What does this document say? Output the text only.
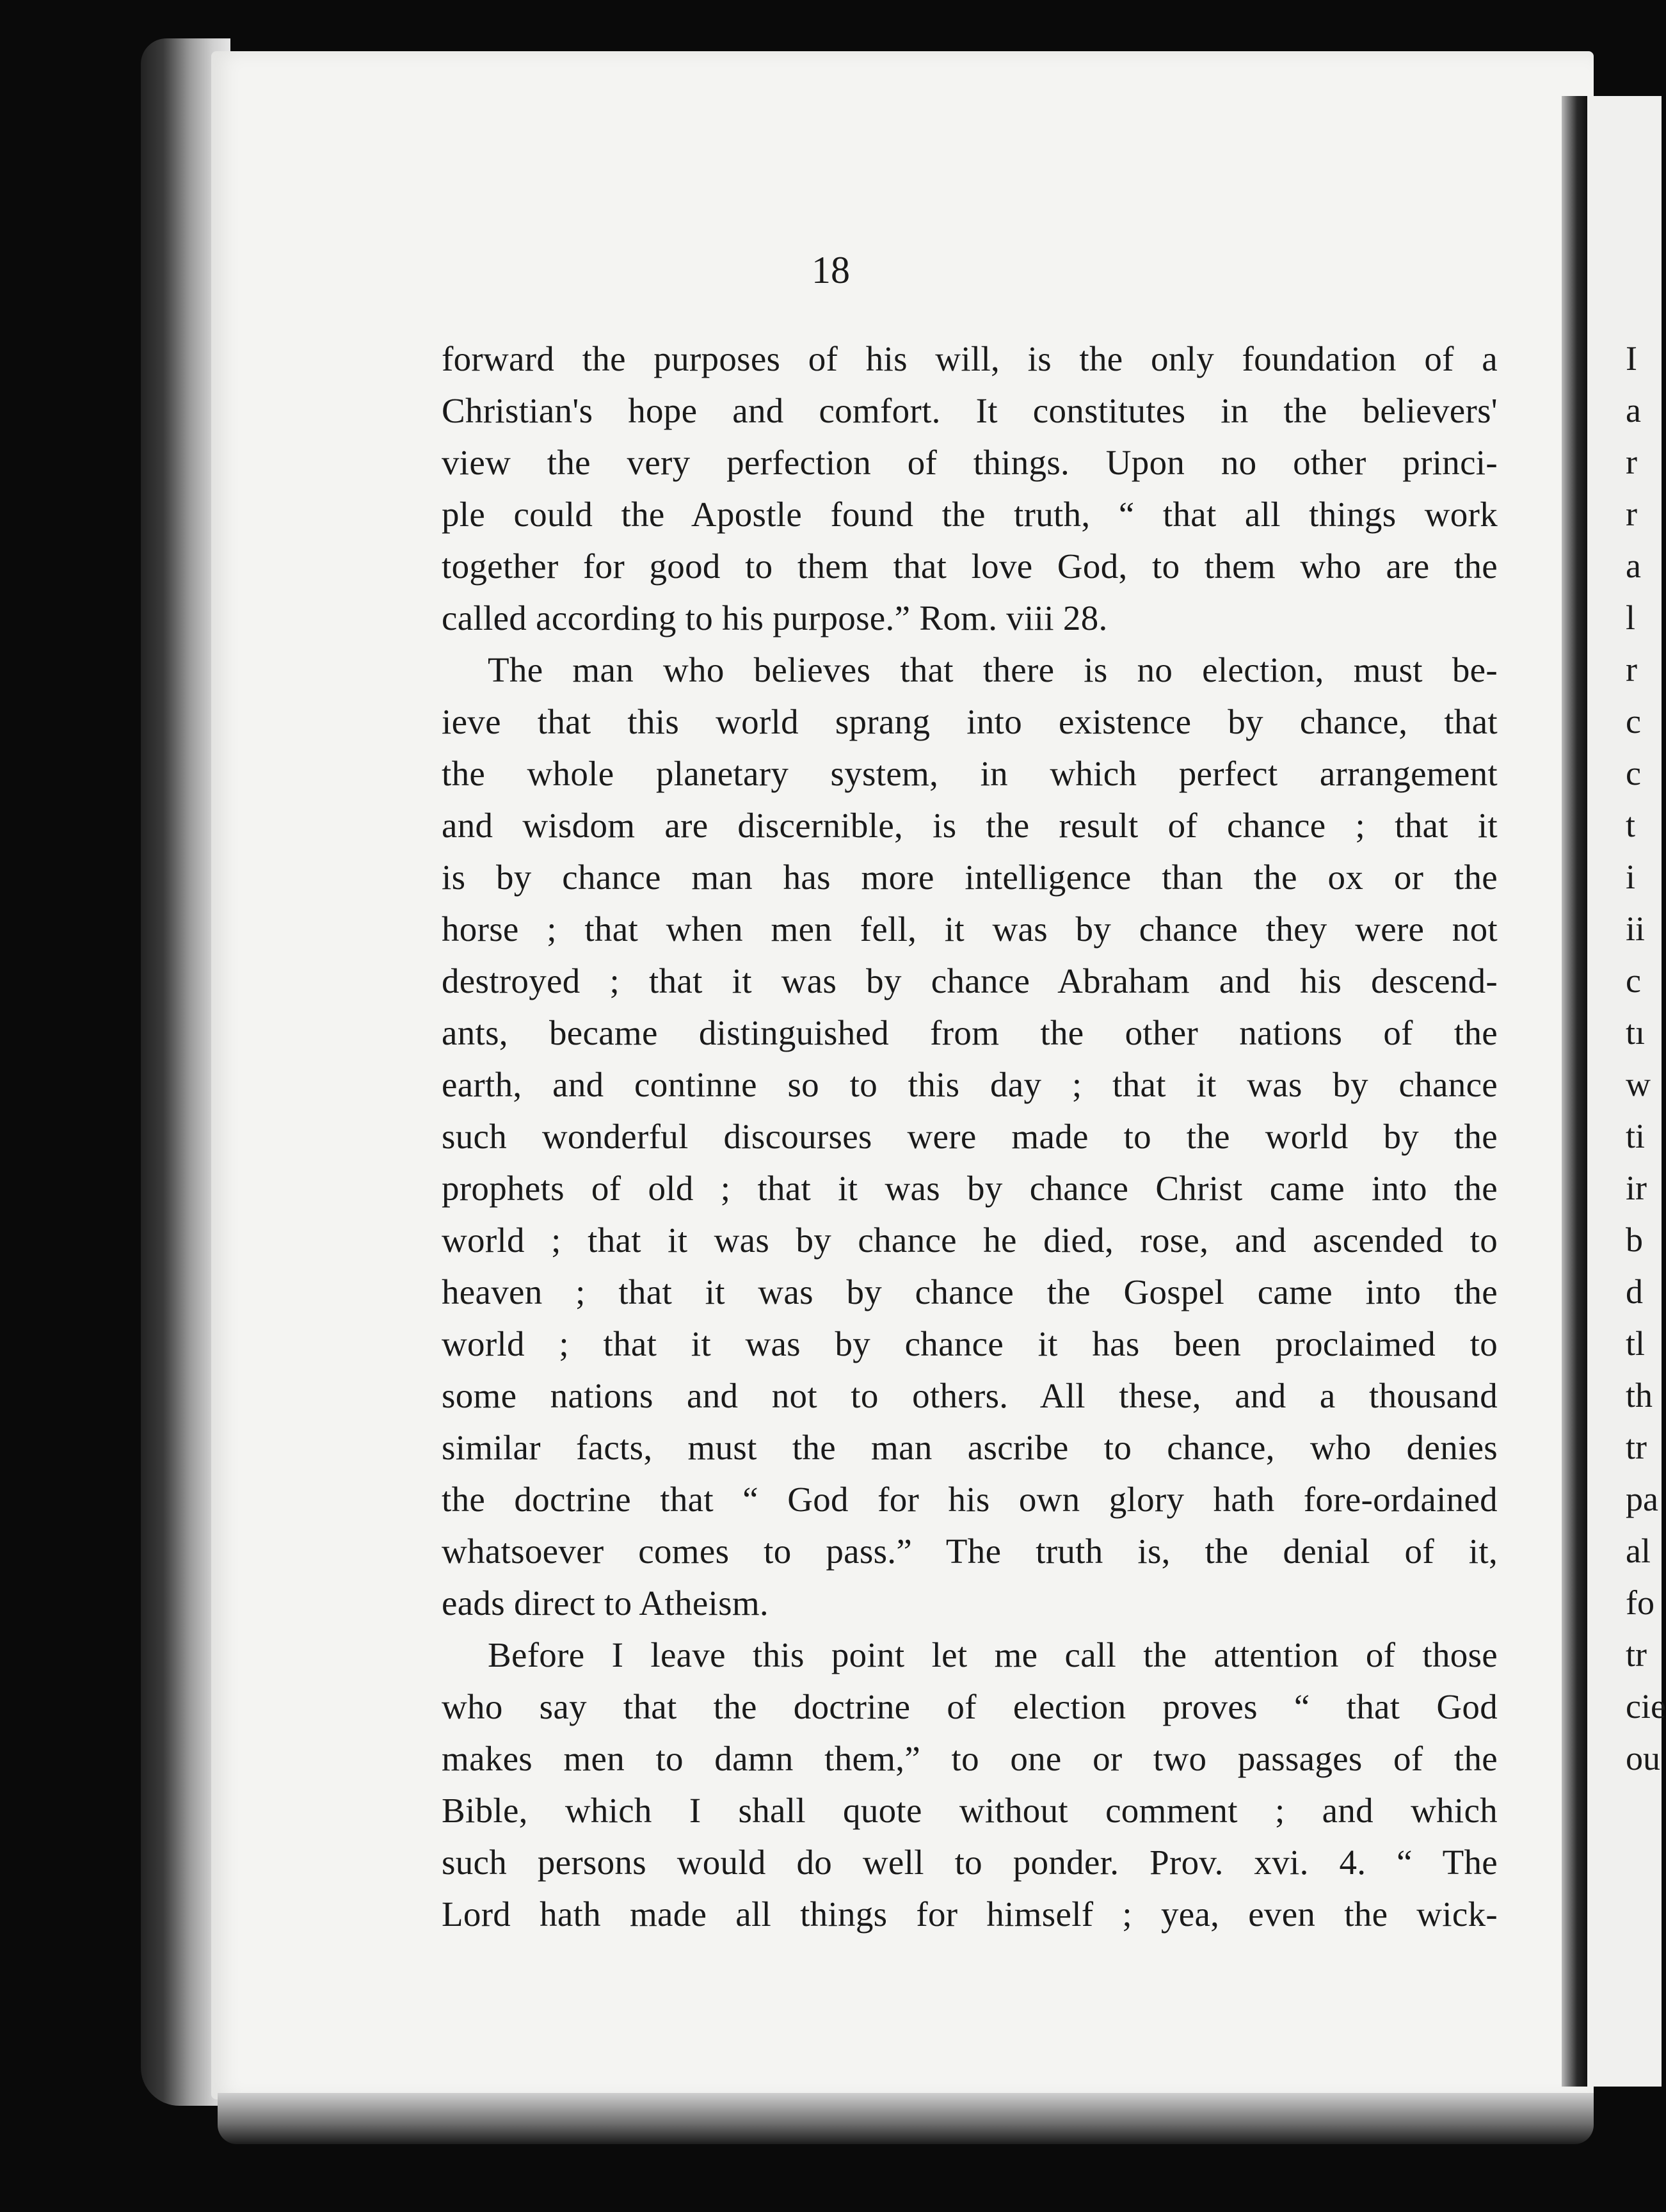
18
forward the purposes of his will, is the only foundation of a
Christian's hope and comfort. It constitutes in the believers'
view the very perfection of things. Upon no other princi-
ple could the Apostle found the truth, “ that all things work
together for good to them that love God, to them who are the
called according to his purpose.” Rom. viii 28.
The man who believes that there is no election, must be-
ieve that this world sprang into existence by chance, that
the whole planetary system, in which perfect arrangement
and wisdom are discernible, is the result of chance ; that it
is by chance man has more intelligence than the ox or the
horse ; that when men fell, it was by chance they were not
destroyed ; that it was by chance Abraham and his descend-
ants, became distinguished from the other nations of the
earth, and continne so to this day ; that it was by chance
such wonderful discourses were made to the world by the
prophets of old ; that it was by chance Christ came into the
world ; that it was by chance he died, rose, and ascended to
heaven ; that it was by chance the Gospel came into the
world ; that it was by chance it has been proclaimed to
some nations and not to others. All these, and a thousand
similar facts, must the man ascribe to chance, who denies
the doctrine that “ God for his own glory hath fore-ordained
whatsoever comes to pass.” The truth is, the denial of it,
eads direct to Atheism.
Before I leave this point let me call the attention of those
who say that the doctrine of election proves “ that God
makes men to damn them,” to one or two passages of the
Bible, which I shall quote without comment ; and which
such persons would do well to ponder. Prov. xvi. 4. “ The
Lord hath made all things for himself ; yea, even the wick-
I
a
r
r
a
l
r
c
c
t
i
ii
c
tı
w
ti
ir
b
d
tl
th
tr
pa
al
fo
tr
cie
ou
